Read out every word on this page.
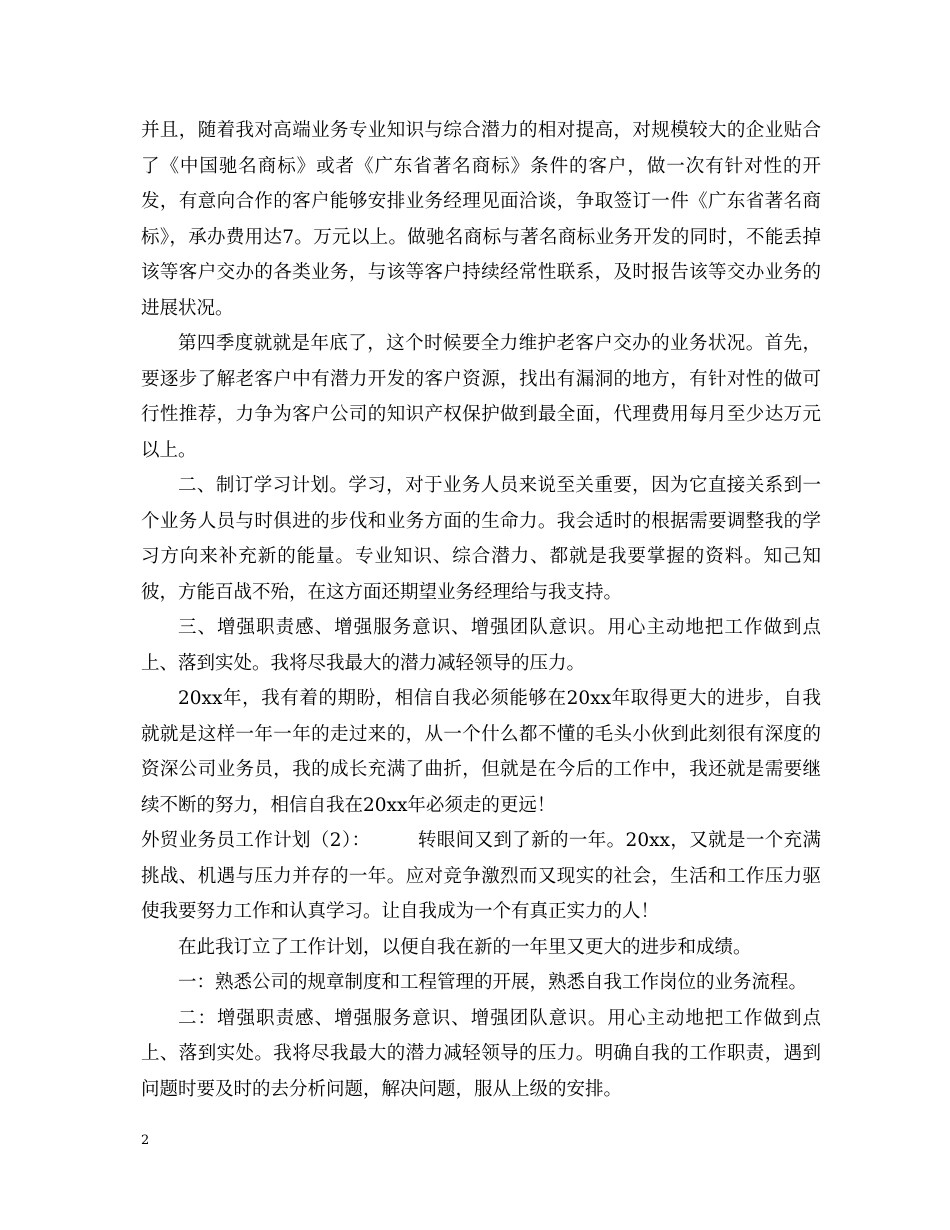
并且，随着我对高端业务专业知识与综合潜力的相对提高，对规模较大的企业贴合了《中国驰名商标》或者《广东省著名商标》条件的客户，做一次有针对性的开发，有意向合作的客户能够安排业务经理见面洽谈，争取签订一件《广东省著名商标》，承办费用达7。万元以上。做驰名商标与著名商标业务开发的同时，不能丢掉该等客户交办的各类业务，与该等客户持续经常性联系，及时报告该等交办业务的进展状况。

第四季度就就是年底了，这个时候要全力维护老客户交办的业务状况。首先，要逐步了解老客户中有潜力开发的客户资源，找出有漏洞的地方，有针对性的做可行性推荐，力争为客户公司的知识产权保护做到最全面，代理费用每月至少达万元以上。

二、制订学习计划。学习，对于业务人员来说至关重要，因为它直接关系到一个业务人员与时俱进的步伐和业务方面的生命力。我会适时的根据需要调整我的学习方向来补充新的能量。专业知识、综合潜力、都就是我要掌握的资料。知己知彼，方能百战不殆，在这方面还期望业务经理给与我支持。

三、增强职责感、增强服务意识、增强团队意识。用心主动地把工作做到点上、落到实处。我将尽我最大的潜力减轻领导的压力。

20xx年，我有着的期盼，相信自我必须能够在20xx年取得更大的进步，自我就就是这样一年一年的走过来的，从一个什么都不懂的毛头小伙到此刻很有深度的资深公司业务员，我的成长充满了曲折，但就是在今后的工作中，我还就是需要继续不断的努力，相信自我在20xx年必须走的更远！

外贸业务员工作计划（2）：　　　转眼间又到了新的一年。20xx，又就是一个充满挑战、机遇与压力并存的一年。应对竞争激烈而又现实的社会，生活和工作压力驱使我要努力工作和认真学习。让自我成为一个有真正实力的人！

在此我订立了工作计划，以便自我在新的一年里又更大的进步和成绩。

一：熟悉公司的规章制度和工程管理的开展，熟悉自我工作岗位的业务流程。

二：增强职责感、增强服务意识、增强团队意识。用心主动地把工作做到点上、落到实处。我将尽我最大的潜力减轻领导的压力。明确自我的工作职责，遇到问题时要及时的去分析问题，解决问题，服从上级的安排。

2
